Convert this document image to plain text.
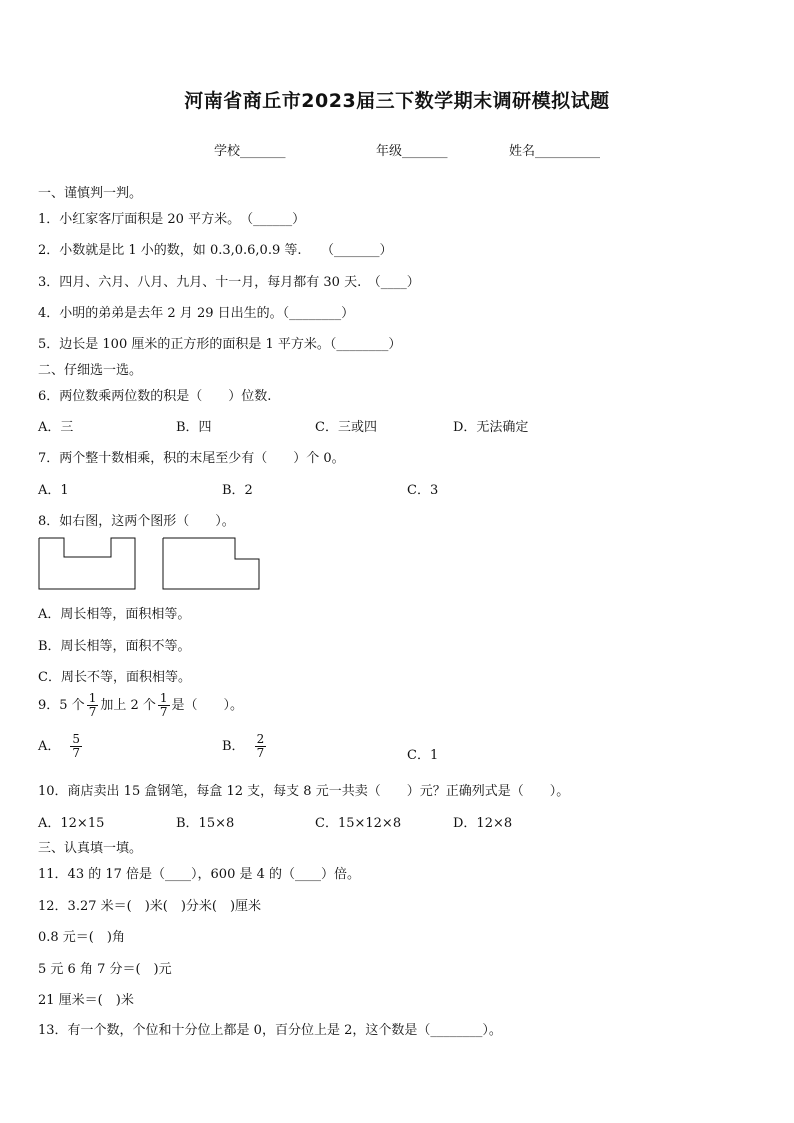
河南省商丘市2023届三下数学期末调研模拟试题
学校_______	年级_______	姓名__________
一、谨慎判一判。
1．小红家客厅面积是 20 平方米。　（______）
2．小数就是比 1 小的数，如 0.3,0.6,0.9 等.　　（_______）
3．四月、六月、八月、九月、十一月，每月都有 30 天.　（____）
4．小明的弟弟是去年 2 月 29 日出生的。（________）
5．边长是 100 厘米的正方形的面积是 1 平方米。（________）
二、仔细选一选。
6．两位数乘两位数的积是（　　）位数.
A．三	B．四	C．三或四	D．无法确定
7．两个整十数相乘，积的末尾至少有（　　）个 0。
A．1	B．2	C．3
8．如右图，这两个图形（　　）。
A．周长相等，面积相等。
B．周长相等，面积不等。
C．周长不等，面积相等。
9．5 个 $\frac{1}{7}$ 加上 2 个 $\frac{1}{7}$ 是（　　）。
A． $\frac{5}{7}$	B． $\frac{2}{7}$	C．1
10．商店卖出 15 盒钢笔，每盒 12 支，每支 8 元一共卖（　　）元？正确列式是（　　）。
A．12×15	B．15×8	C．15×12×8	D．12×8
三、认真填一填。
11．43 的 17 倍是（____），600 是 4 的（____）倍。
12．3.27 米＝(　)米(　)分米(　)厘米
0.8 元＝(　)角
5 元 6 角 7 分＝(　)元
21 厘米＝(　)米
13．有一个数，个位和十分位上都是 0，百分位上是 2，这个数是（________）。
